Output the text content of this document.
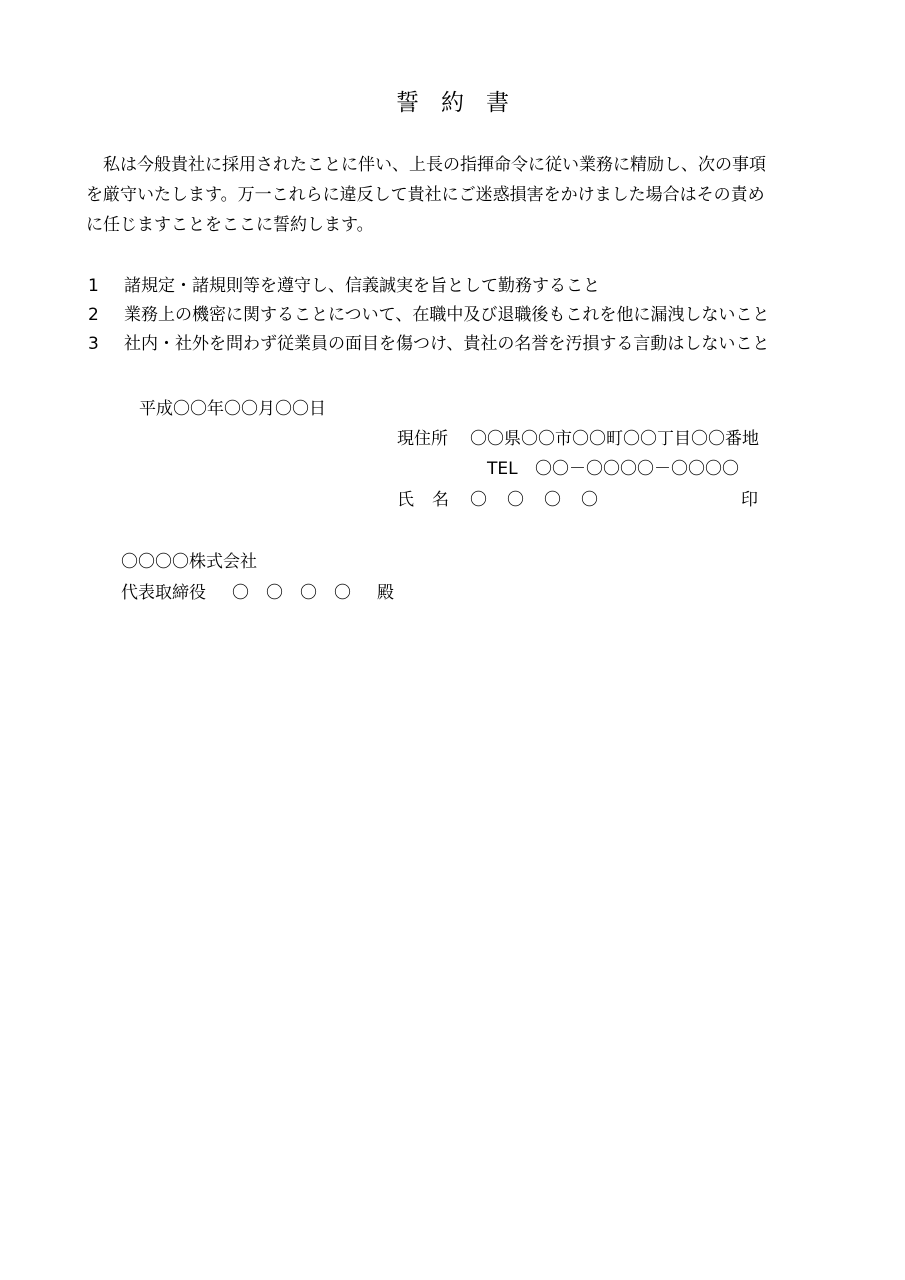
誓約書
　私は今般貴社に採用されたことに伴い、上長の指揮命令に従い業務に精励し、次の事項
を厳守いたします。万一これらに違反して貴社にご迷惑損害をかけました場合はその責め
に任じますことをここに誓約します。
1 諸規定・諸規則等を遵守し、信義誠実を旨として勤務すること
2 業務上の機密に関することについて、在職中及び退職後もこれを他に漏洩しないこと
3 社内・社外を問わず従業員の面目を傷つけ、貴社の名誉を汚損する言動はしないこと
平成〇〇年〇〇月〇〇日
現住所 〇〇県〇〇市〇〇町〇〇丁目〇〇番地
TEL 〇〇－〇〇〇〇－〇〇〇〇
氏名 〇〇〇〇	印
〇〇〇〇株式会社
代表取締役 〇〇〇〇 殿
